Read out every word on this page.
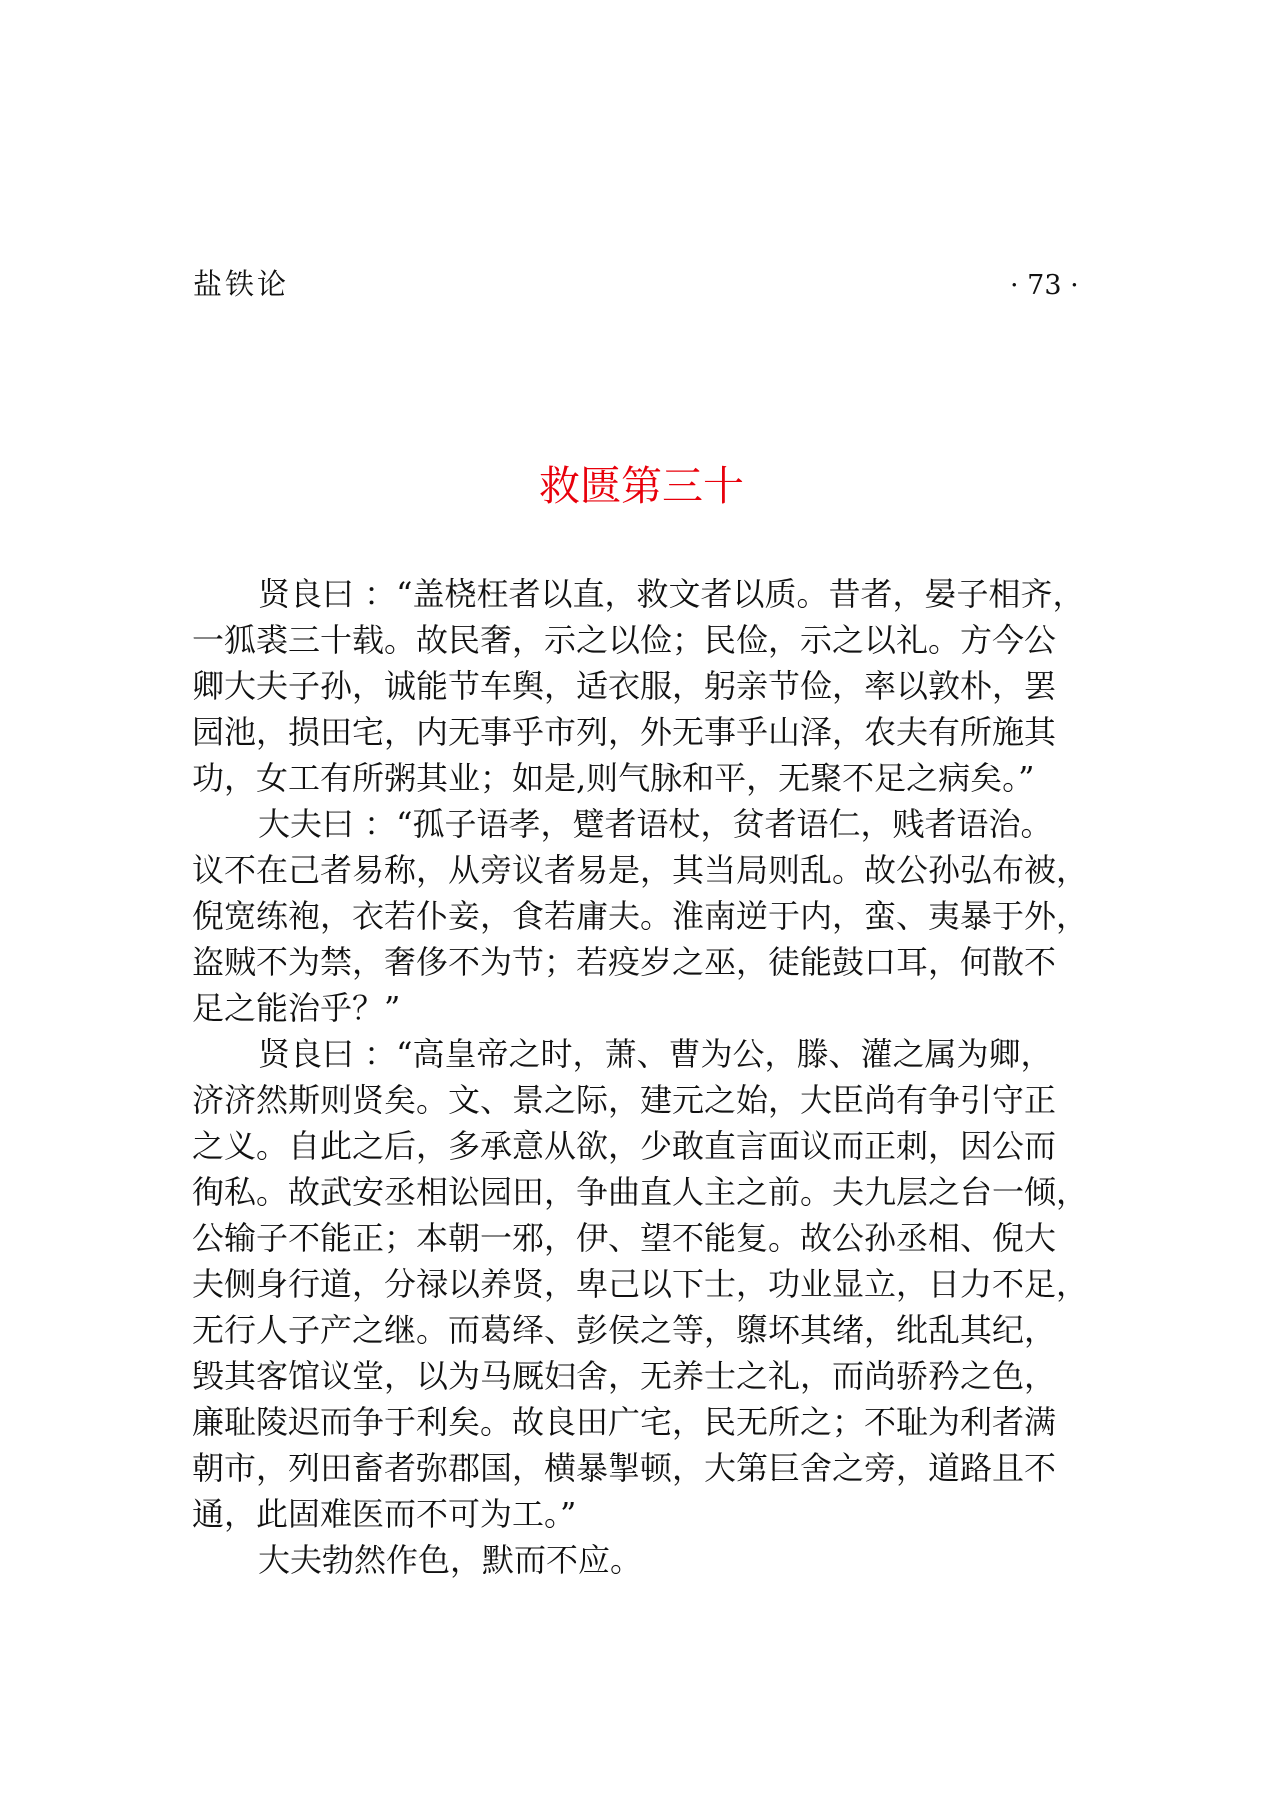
盐铁论	· 73 ·
救匮第三十
贤良曰 ：“盖桡枉者以直，救文者以质。昔者，晏子相齐，
一狐裘三十载。故民奢，示之以俭；民俭，示之以礼。方今公
卿大夫子孙，诚能节车舆，适衣服，躬亲节俭，率以敦朴，罢
园池，损田宅，内无事乎市列，外无事乎山泽，农夫有所施其
功，女工有所粥其业；如是,则气脉和平，无聚不足之病矣。”
大夫曰 ：“孤子语孝，躄者语杖，贫者语仁，贱者语治。
议不在己者易称，从旁议者易是，其当局则乱。故公孙弘布被，
倪宽练袍，衣若仆妾，食若庸夫。淮南逆于内，蛮、夷暴于外，
盗贼不为禁，奢侈不为节；若疫岁之巫，徒能鼓口耳，何散不
足之能治乎？”
贤良曰 ：“高皇帝之时，萧、曹为公，滕、灌之属为卿，
济济然斯则贤矣。文、景之际，建元之始，大臣尚有争引守正
之义。自此之后，多承意从欲，少敢直言面议而正刺，因公而
徇私。故武安丞相讼园田，争曲直人主之前。夫九层之台一倾，
公输子不能正；本朝一邪，伊、望不能复。故公孙丞相、倪大
夫侧身行道，分禄以养贤，卑己以下士，功业显立，日力不足，
无行人子产之继。而葛绎、彭侯之等，隳坏其绪，纰乱其纪，
毁其客馆议堂，以为马厩妇舍，无养士之礼，而尚骄矜之色，
廉耻陵迟而争于利矣。故良田广宅，民无所之；不耻为利者满
朝市，列田畜者弥郡国，横暴掣顿，大第巨舍之旁，道路且不
通，此固难医而不可为工。”
大夫勃然作色，默而不应。
